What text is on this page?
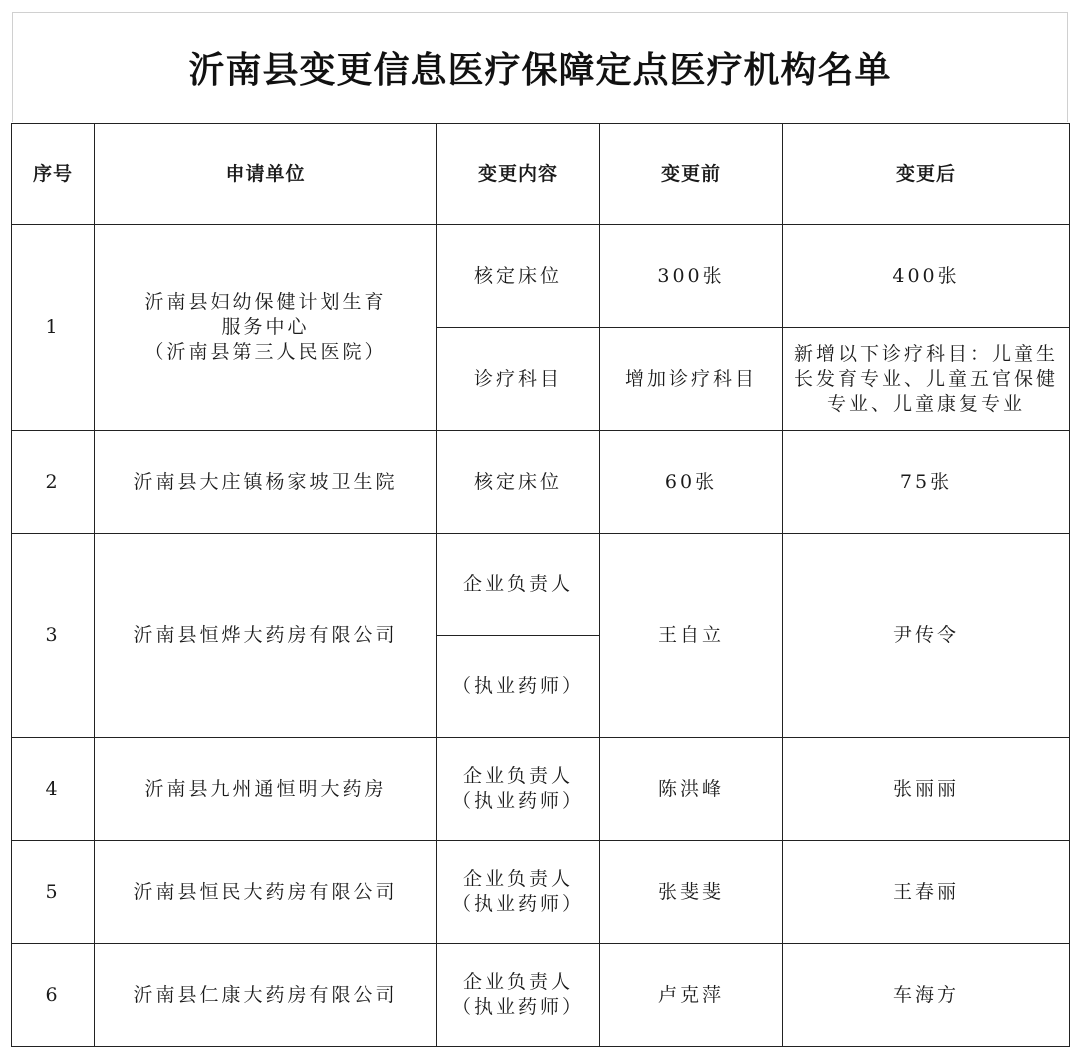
沂南县变更信息医疗保障定点医疗机构名单
序号	申请单位	变更内容	变更前	变更后
1	沂南县妇幼保健计划生育
服务中心
（沂南县第三人民医院）	核定床位	300张	400张
		诊疗科目	增加诊疗科目	新增以下诊疗科目：儿童生长发育专业、儿童五官保健专业、儿童康复专业
2	沂南县大庄镇杨家坡卫生院	核定床位	60张	75张
3	沂南县恒烨大药房有限公司	企业负责人	王自立	尹传令
		（执业药师）		
4	沂南县九州通恒明大药房	企业负责人
（执业药师）	陈洪峰	张丽丽
5	沂南县恒民大药房有限公司	企业负责人
（执业药师）	张斐斐	王春丽
6	沂南县仁康大药房有限公司	企业负责人
（执业药师）	卢克萍	车海方
